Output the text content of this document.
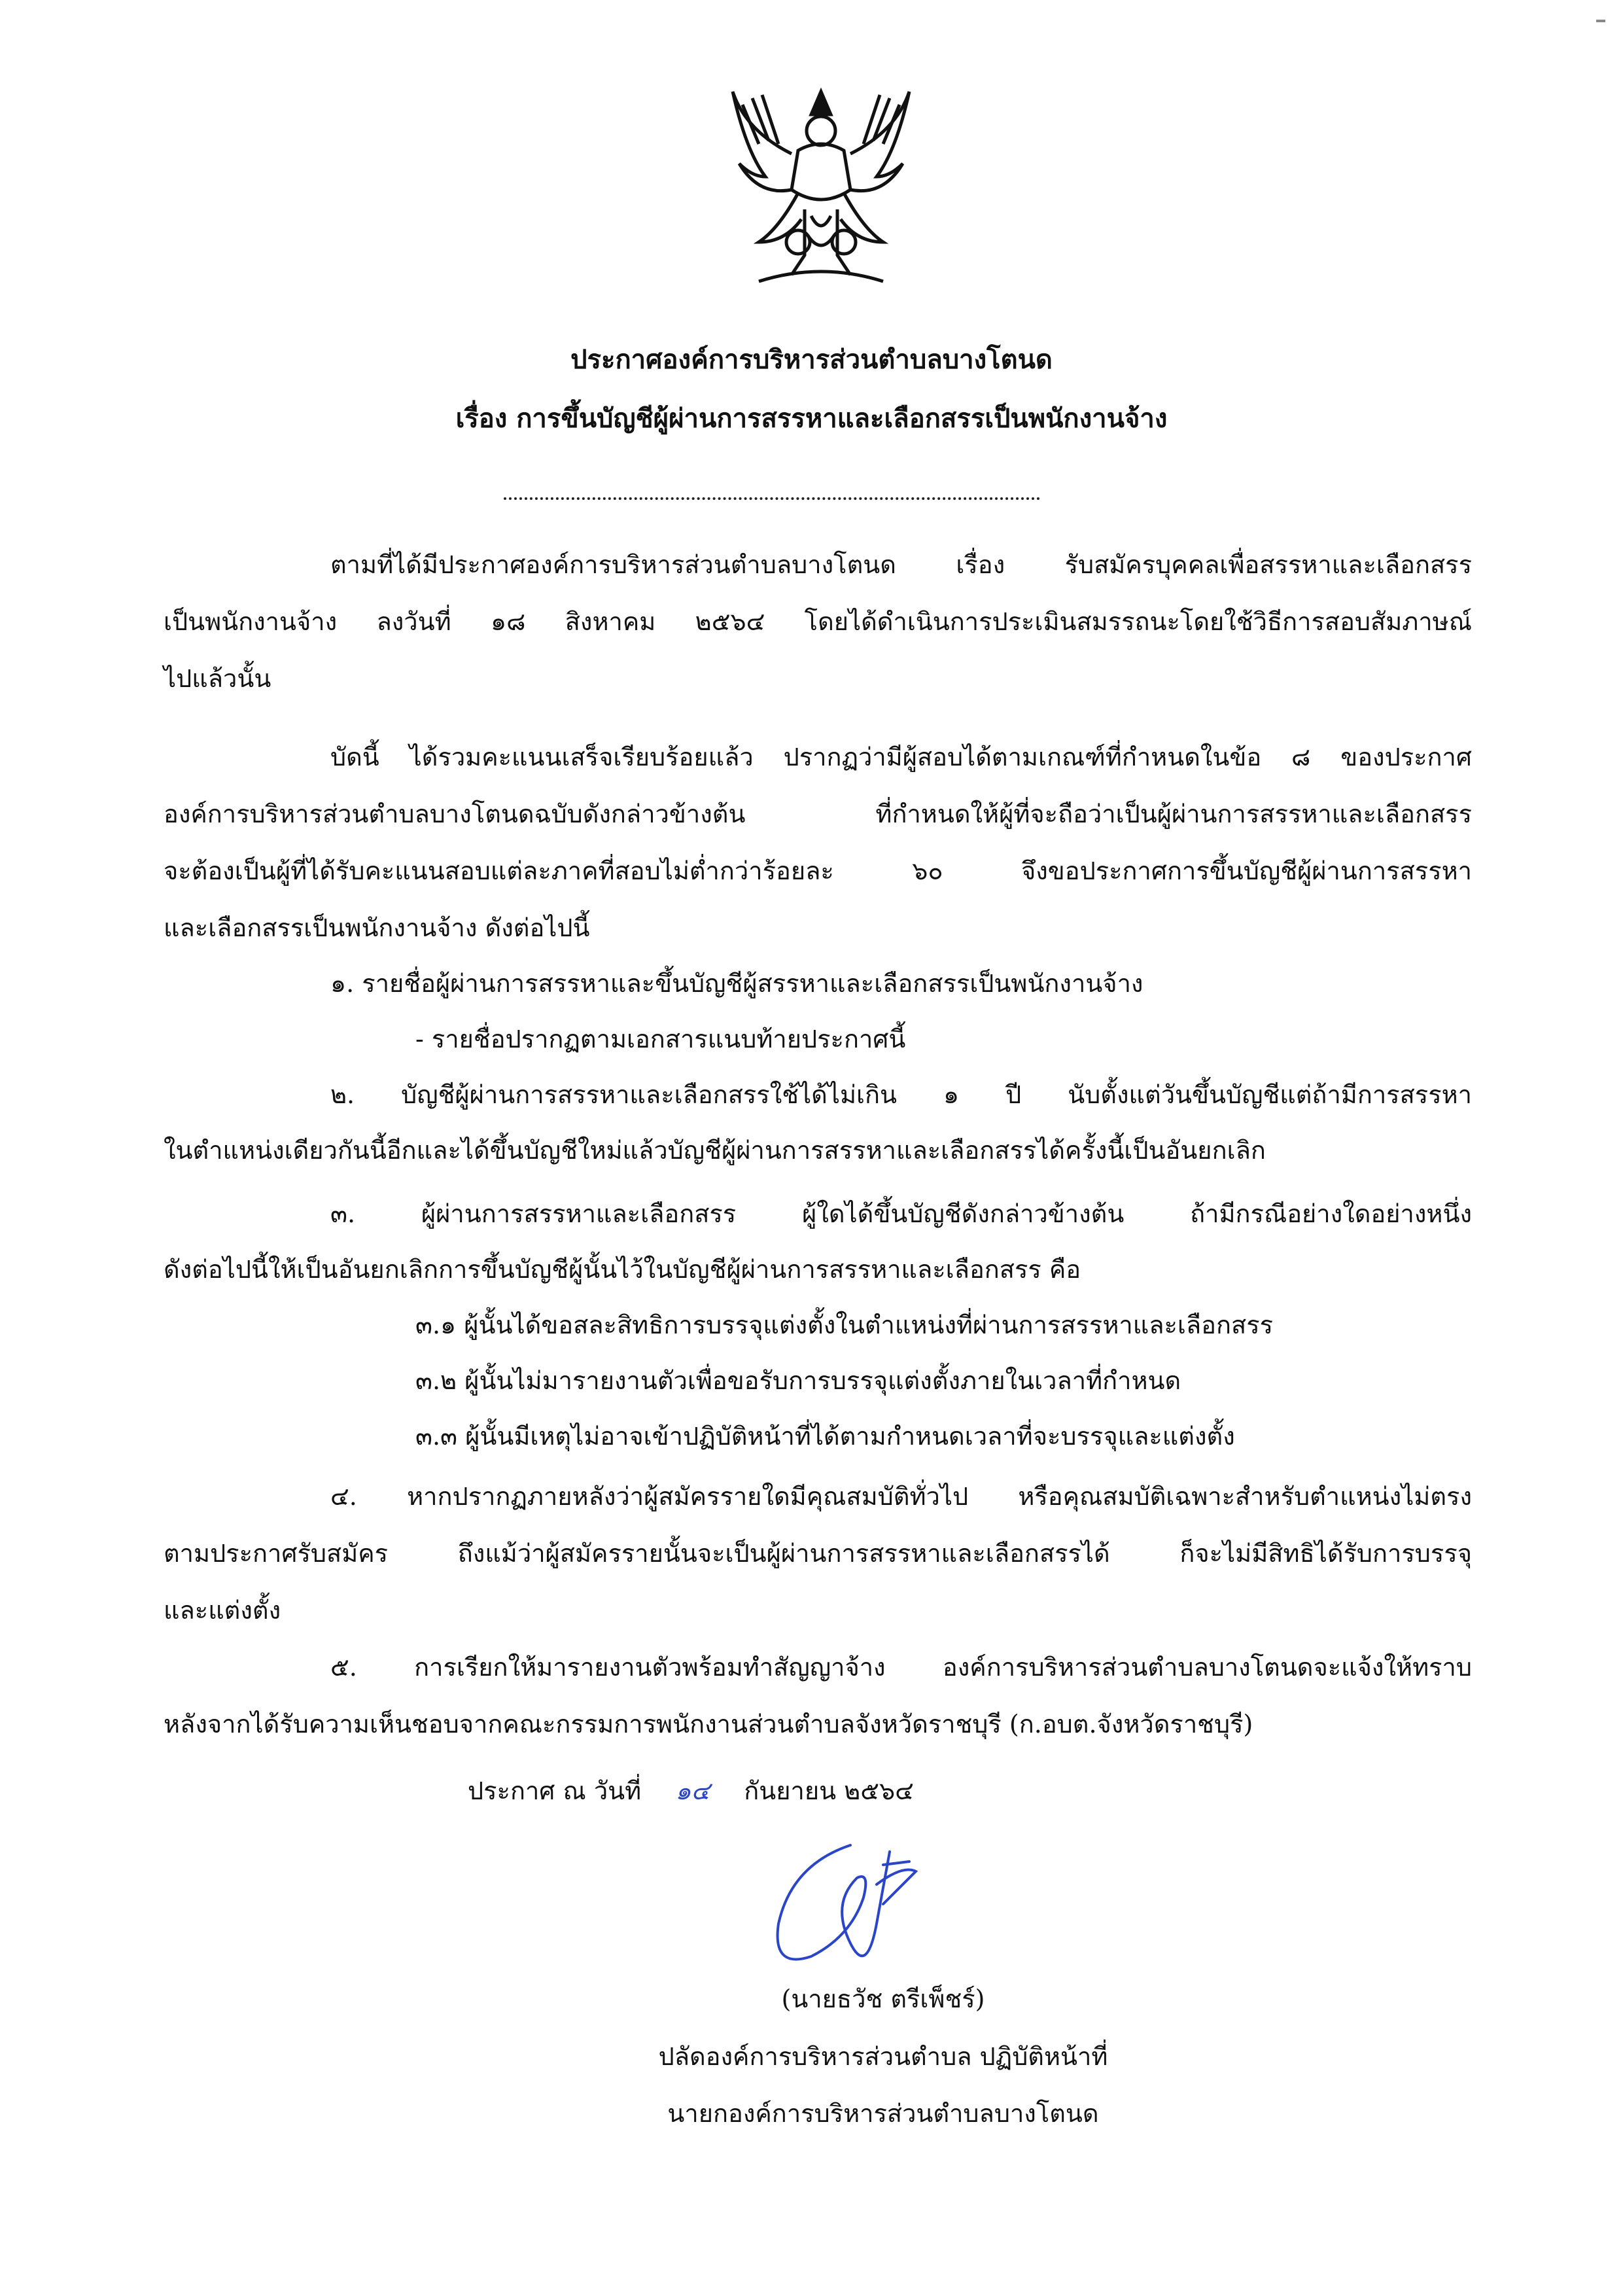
ประกาศองค์การบริหารส่วนตำบลบางโตนด
เรื่อง การขึ้นบัญชีผู้ผ่านการสรรหาและเลือกสรรเป็นพนักงานจ้าง
ตามที่ได้มีประกาศองค์การบริหารส่วนตำบลบางโตนด เรื่อง รับสมัครบุคคลเพื่อสรรหาและเลือกสรร
เป็นพนักงานจ้าง ลงวันที่ ๑๘ สิงหาคม ๒๕๖๔ โดยได้ดำเนินการประเมินสมรรถนะโดยใช้วิธีการสอบสัมภาษณ์
ไปแล้วนั้น
บัดนี้ ได้รวมคะแนนเสร็จเรียบร้อยแล้ว ปรากฏว่ามีผู้สอบได้ตามเกณฑ์ที่กำหนดในข้อ ๘ ของประกาศ
องค์การบริหารส่วนตำบลบางโตนดฉบับดังกล่าวข้างต้น ที่กำหนดให้ผู้ที่จะถือว่าเป็นผู้ผ่านการสรรหาและเลือกสรร
จะต้องเป็นผู้ที่ได้รับคะแนนสอบแต่ละภาคที่สอบไม่ต่ำกว่าร้อยละ ๖๐ จึงขอประกาศการขึ้นบัญชีผู้ผ่านการสรรหา
และเลือกสรรเป็นพนักงานจ้าง ดังต่อไปนี้
๑. รายชื่อผู้ผ่านการสรรหาและขึ้นบัญชีผู้สรรหาและเลือกสรรเป็นพนักงานจ้าง
- รายชื่อปรากฏตามเอกสารแนบท้ายประกาศนี้
๒. บัญชีผู้ผ่านการสรรหาและเลือกสรรใช้ได้ไม่เกิน ๑ ปี นับตั้งแต่วันขึ้นบัญชีแต่ถ้ามีการสรรหา
ในตำแหน่งเดียวกันนี้อีกและได้ขึ้นบัญชีใหม่แล้วบัญชีผู้ผ่านการสรรหาและเลือกสรรได้ครั้งนี้เป็นอันยกเลิก
๓. ผู้ผ่านการสรรหาและเลือกสรร ผู้ใดได้ขึ้นบัญชีดังกล่าวข้างต้น ถ้ามีกรณีอย่างใดอย่างหนึ่ง
ดังต่อไปนี้ให้เป็นอันยกเลิกการขึ้นบัญชีผู้นั้นไว้ในบัญชีผู้ผ่านการสรรหาและเลือกสรร คือ
๓.๑ ผู้นั้นได้ขอสละสิทธิการบรรจุแต่งตั้งในตำแหน่งที่ผ่านการสรรหาและเลือกสรร
๓.๒ ผู้นั้นไม่มารายงานตัวเพื่อขอรับการบรรจุแต่งตั้งภายในเวลาที่กำหนด
๓.๓ ผู้นั้นมีเหตุไม่อาจเข้าปฏิบัติหน้าที่ได้ตามกำหนดเวลาที่จะบรรจุและแต่งตั้ง
๔. หากปรากฏภายหลังว่าผู้สมัครรายใดมีคุณสมบัติทั่วไป หรือคุณสมบัติเฉพาะสำหรับตำแหน่งไม่ตรง
ตามประกาศรับสมัคร ถึงแม้ว่าผู้สมัครรายนั้นจะเป็นผู้ผ่านการสรรหาและเลือกสรรได้ ก็จะไม่มีสิทธิได้รับการบรรจุ
และแต่งตั้ง
๕. การเรียกให้มารายงานตัวพร้อมทำสัญญาจ้าง องค์การบริหารส่วนตำบลบางโตนดจะแจ้งให้ทราบ
หลังจากได้รับความเห็นชอบจากคณะกรรมการพนักงานส่วนตำบลจังหวัดราชบุรี (ก.อบต.จังหวัดราชบุรี)
ประกาศ ณ วันที่ ๑๔ กันยายน ๒๕๖๔
(นายธวัช ตรีเพ็ชร์)
ปลัดองค์การบริหารส่วนตำบล ปฏิบัติหน้าที่
นายกองค์การบริหารส่วนตำบลบางโตนด
